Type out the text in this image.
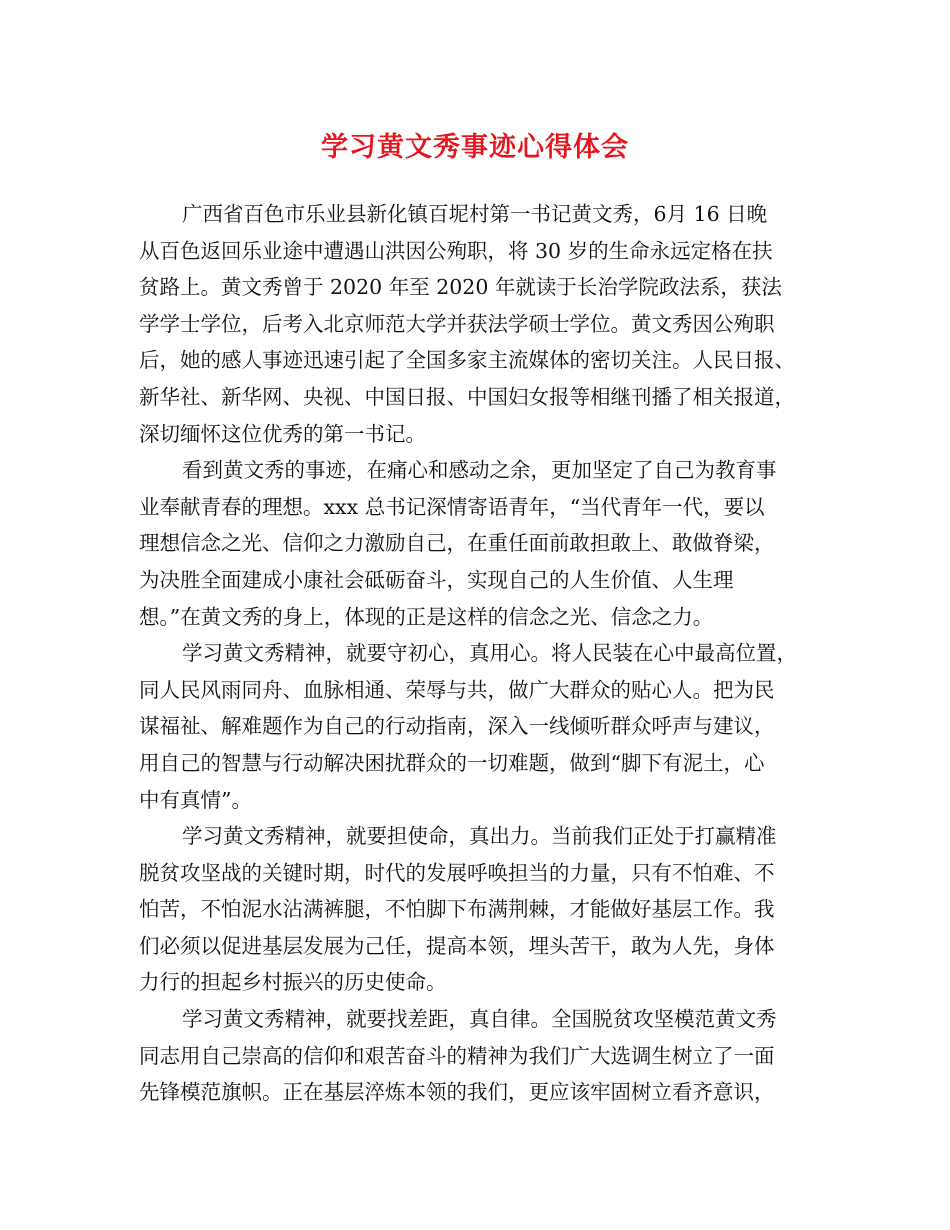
学习黄文秀事迹心得体会
广西省百色市乐业县新化镇百坭村第一书记黄文秀，6月 16 日晚
从百色返回乐业途中遭遇山洪因公殉职，将 30 岁的生命永远定格在扶
贫路上。黄文秀曾于 2020 年至 2020 年就读于长治学院政法系，获法
学学士学位，后考入北京师范大学并获法学硕士学位。黄文秀因公殉职
后，她的感人事迹迅速引起了全国多家主流媒体的密切关注。人民日报、
新华社、新华网、央视、中国日报、中国妇女报等相继刊播了相关报道，
深切缅怀这位优秀的第一书记。
看到黄文秀的事迹，在痛心和感动之余，更加坚定了自己为教育事
业奉献青春的理想。xxx 总书记深情寄语青年，“当代青年一代，要以
理想信念之光、信仰之力激励自己，在重任面前敢担敢上、敢做脊梁，
为决胜全面建成小康社会砥砺奋斗，实现自己的人生价值、人生理
想。”在黄文秀的身上，体现的正是这样的信念之光、信念之力。
学习黄文秀精神，就要守初心，真用心。将人民装在心中最高位置，
同人民风雨同舟、血脉相通、荣辱与共，做广大群众的贴心人。把为民
谋福祉、解难题作为自己的行动指南，深入一线倾听群众呼声与建议，
用自己的智慧与行动解决困扰群众的一切难题，做到“脚下有泥土，心
中有真情”。
学习黄文秀精神，就要担使命，真出力。当前我们正处于打赢精准
脱贫攻坚战的关键时期，时代的发展呼唤担当的力量，只有不怕难、不
怕苦，不怕泥水沾满裤腿，不怕脚下布满荆棘，才能做好基层工作。我
们必须以促进基层发展为己任，提高本领，埋头苦干，敢为人先，身体
力行的担起乡村振兴的历史使命。
学习黄文秀精神，就要找差距，真自律。全国脱贫攻坚模范黄文秀
同志用自己崇高的信仰和艰苦奋斗的精神为我们广大选调生树立了一面
先锋模范旗帜。正在基层淬炼本领的我们，更应该牢固树立看齐意识，
